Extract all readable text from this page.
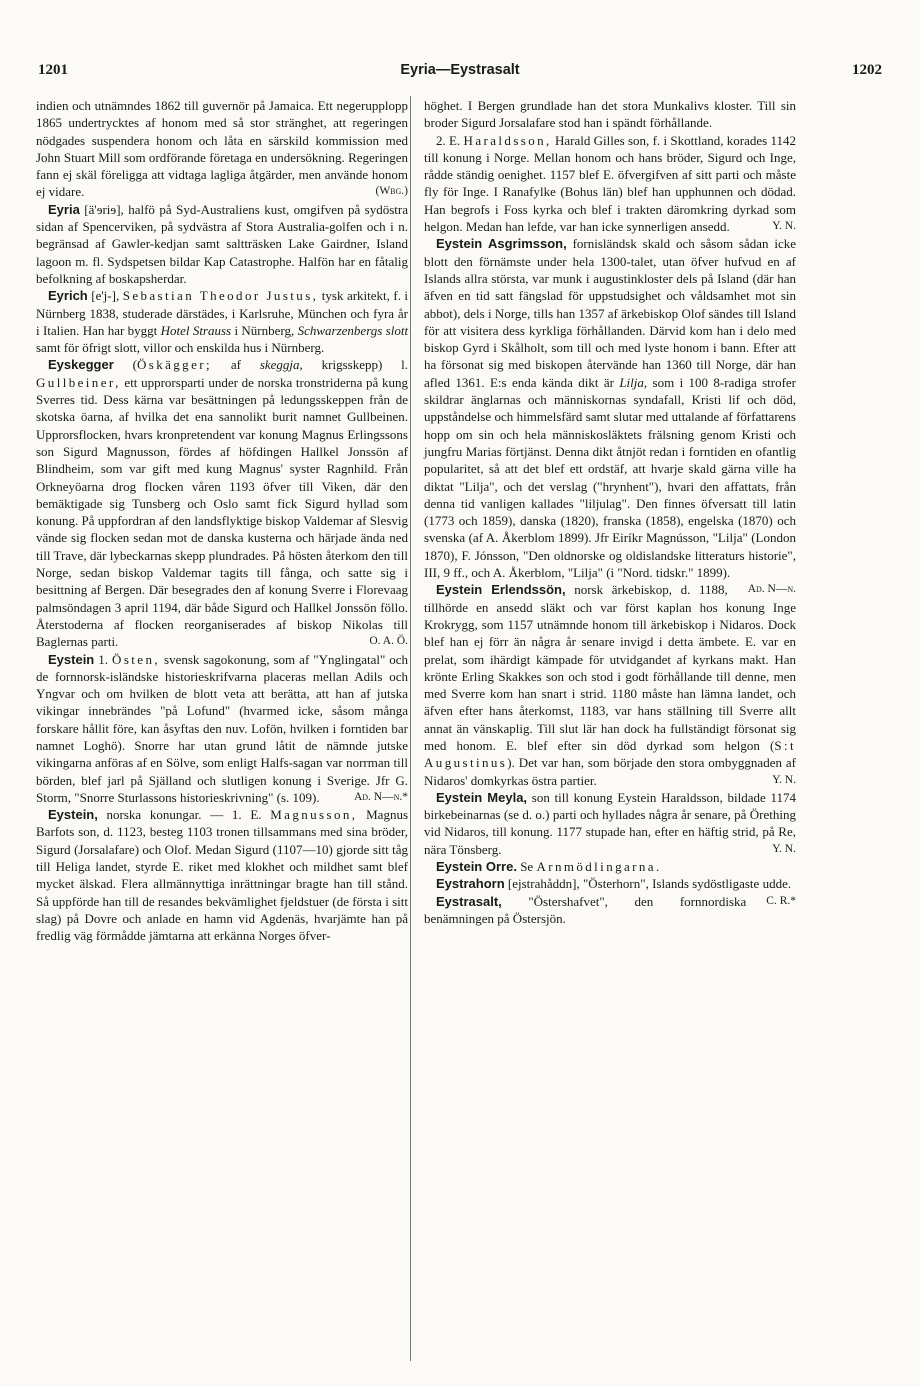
1201	Eyria—Eystrasalt	1202

indien och utnämndes 1862 till guvernör på Jamaica. Ett negerupplopp 1865 undertrycktes af honom med så stor stränghet, att regeringen nödgades suspendera honom och låta en särskild kommission med John Stuart Mill som ordförande företaga en undersökning. Regeringen fann ej skäl föreligga att vidtaga lagliga åtgärder, men använde honom ej vidare.	(Wbg.)

Eyria [ä'ɘriɘ], halfö på Syd-Australiens kust, omgifven på sydöstra sidan af Spencerviken, på sydvästra af Stora Australia-golfen och i n. begränsad af Gawler-kedjan samt saltträsken Lake Gairdner, Island lagoon m. fl. Sydspetsen bildar Kap Catastrophe. Halfön har en fåtalig befolkning af boskapsherdar.

Eyrich [e'j-], Sebastian Theodor Justus, tysk arkitekt, f. i Nürnberg 1838, studerade därstädes, i Karlsruhe, München och fyra år i Italien. Han har byggt Hotel Strauss i Nürnberg, Schwarzenbergs slott samt för öfrigt slott, villor och enskilda hus i Nürnberg.

Eyskegger (Öskägger; af skeggja, krigsskepp) l. Gullbeiner, ett upprorsparti under de norska tronstriderna på kung Sverres tid. Dess kärna var besättningen på ledungsskeppen från de skotska öarna, af hvilka det ena sannolikt burit namnet Gullbeinen. Upprorsflocken, hvars kronpretendent var konung Magnus Erlingssons son Sigurd Magnusson, fördes af höfdingen Hallkel Jonssön af Blindheim, som var gift med kung Magnus' syster Ragnhild. Från Orkneyöarna drog flocken våren 1193 öfver till Viken, där den bemäktigade sig Tunsberg och Oslo samt fick Sigurd hyllad som konung. På uppfordran af den landsflyktige biskop Valdemar af Slesvig vände sig flocken sedan mot de danska kusterna och härjade ända ned till Trave, där lybeckarnas skepp plundrades. På hösten återkom den till Norge, sedan biskop Valdemar tagits till fånga, och satte sig i besittning af Bergen. Där besegrades den af konung Sverre i Florevaag palmsöndagen 3 april 1194, där både Sigurd och Hallkel Jonssön föllo. Återstoderna af flocken reorganiserades af biskop Nikolas till Baglernas parti.	O. A. Ö.

Eystein 1. Östen, svensk sagokonung, som af "Ynglingatal" och de fornnorsk-isländske historieskrifvarna placeras mellan Adils och Yngvar och om hvilken de blott veta att berätta, att han af jutska vikingar innebrändes "på Lofund" (hvarmed icke, såsom många forskare hållit före, kan åsyftas den nuv. Lofön, hvilken i forntiden bar namnet Loghö). Snorre har utan grund låtit de nämnde jutske vikingarna anföras af en Sölve, som enligt Halfs-sagan var norrman till börden, blef jarl på Själland och slutligen konung i Sverige. Jfr G. Storm, "Snorre Sturlassons historieskrivning" (s. 109).	Ad. N—n.*

Eystein, norska konungar. — 1. E. Magnusson, Magnus Barfots son, d. 1123, besteg 1103 tronen tillsammans med sina bröder, Sigurd (Jorsalafare) och Olof. Medan Sigurd (1107—10) gjorde sitt tåg till Heliga landet, styrde E. riket med klokhet och mildhet samt blef mycket älskad. Flera allmännyttiga inrättningar bragte han till stånd. Så uppförde han till de resandes bekvämlighet fjeldstuer (de första i sitt slag) på Dovre och anlade en hamn vid Agdenäs, hvarjämte han på fredlig väg förmådde jämtarna att erkänna Norges öfver-

höghet. I Bergen grundlade han det stora Munkalivs kloster. Till sin broder Sigurd Jorsalafare stod han i spändt förhållande.

2. E. Haraldsson, Harald Gilles son, f. i Skottland, korades 1142 till konung i Norge. Mellan honom och hans bröder, Sigurd och Inge, rådde ständig oenighet. 1157 blef E. öfvergifven af sitt parti och måste fly för Inge. I Ranafylke (Bohus län) blef han upphunnen och dödad. Han begrofs i Foss kyrka och blef i trakten däromkring dyrkad som helgon. Medan han lefde, var han icke synnerligen ansedd.	Y. N.

Eystein Asgrimsson, fornisländsk skald och såsom sådan icke blott den förnämste under hela 1300-talet, utan öfver hufvud en af Islands allra största, var munk i augustinkloster dels på Island (där han äfven en tid satt fängslad för uppstudsighet och våldsamhet mot sin abbot), dels i Norge, tills han 1357 af ärkebiskop Olof sändes till Island för att visitera dess kyrkliga förhållanden. Därvid kom han i delo med biskop Gyrd i Skålholt, som till och med lyste honom i bann. Efter att ha försonat sig med biskopen återvände han 1360 till Norge, där han afled 1361. E:s enda kända dikt är Lilja, som i 100 8-radiga strofer skildrar änglarnas och människornas syndafall, Kristi lif och död, uppståndelse och himmelsfärd samt slutar med uttalande af författarens hopp om sin och hela människosläktets frälsning genom Kristi och jungfru Marias förtjänst. Denna dikt åtnjöt redan i forntiden en ofantlig popularitet, så att det blef ett ordstäf, att hvarje skald gärna ville ha diktat "Lilja", och det verslag ("hrynhent"), hvari den affattats, från denna tid vanligen kallades "liljulag". Den finnes öfversatt till latin (1773 och 1859), danska (1820), franska (1858), engelska (1870) och svenska (af A. Åkerblom 1899). Jfr Eiríkr Magnússon, "Lilja" (London 1870), F. Jónsson, "Den oldnorske og oldislandske litteraturs historie", III, 9 ff., och A. Åkerblom, "Lilja" (i "Nord. tidskr." 1899).
Ad. N—n.

Eystein Erlendssön, norsk ärkebiskop, d. 1188, tillhörde en ansedd släkt och var först kaplan hos konung Inge Krokrygg, som 1157 utnämnde honom till ärkebiskop i Nidaros. Dock blef han ej förr än några år senare invigd i detta ämbete. E. var en prelat, som ihärdigt kämpade för utvidgandet af kyrkans makt. Han krönte Erling Skakkes son och stod i godt förhållande till denne, men med Sverre kom han snart i strid. 1180 måste han lämna landet, och äfven efter hans återkomst, 1183, var hans ställning till Sverre allt annat än vänskaplig. Till slut lär han dock ha fullständigt försonat sig med honom. E. blef efter sin död dyrkad som helgon (S:t Augustinus). Det var han, som började den stora ombyggnaden af Nidaros' domkyrkas östra partier.	Y. N.

Eystein Meyla, son till konung Eystein Haraldsson, bildade 1174 birkebeinarnas (se d. o.) parti och hyllades några år senare, på Örething vid Nidaros, till konung. 1177 stupade han, efter en häftig strid, på Re, nära Tönsberg.	Y. N.

Eystein Orre. Se Arnmödlingarna.

Eystrahorn [ejstrahåddn], "Österhorn", Islands sydöstligaste udde.
C. R.*

Eystrasalt, "Östershafvet", den fornnordiska benämningen på Östersjön.
